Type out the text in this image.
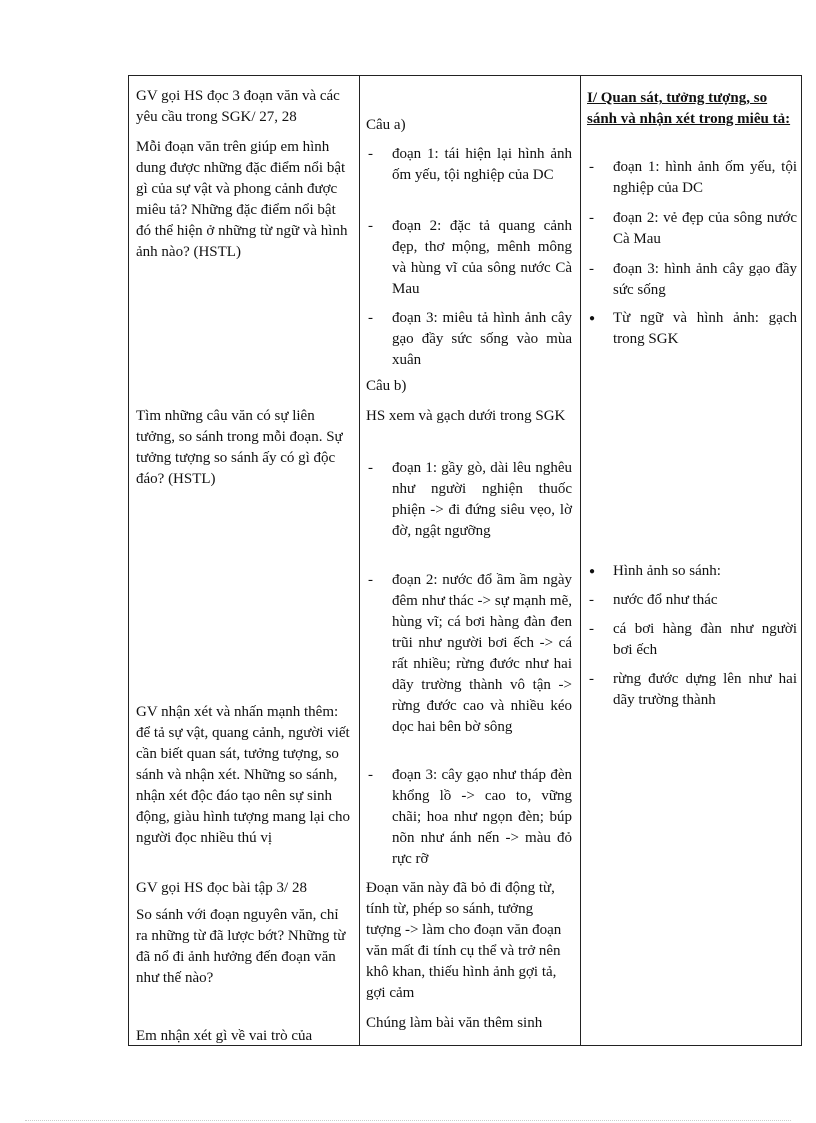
GV gọi HS đọc 3 đoạn văn và các yêu cầu trong SGK/ 27, 28

Mỗi đoạn văn trên giúp em hình dung được những đặc điểm nổi bật gì của sự vật và phong cảnh được miêu tả? Những đặc điểm nổi bật đó thể hiện ở những từ ngữ và hình ảnh nào? (HSTL)

Tìm những câu văn có sự liên tưởng, so sánh trong mỗi đoạn. Sự tưởng tượng so sánh ấy có gì độc đáo? (HSTL)

GV nhận xét và nhấn mạnh thêm: để tả sự vật, quang cảnh, người viết cần biết quan sát, tưởng tượng, so sánh và nhận xét. Những so sánh, nhận xét độc đáo tạo nên sự sinh động, giàu hình tượng mang lại cho người đọc nhiều thú vị

GV gọi HS đọc bài tập 3/ 28

So sánh với đoạn nguyên văn, chỉ ra những từ đã lược bớt? Những từ đã nổ đi ảnh hưởng đến đoạn văn như thế nào?

Em nhận xét gì về vai trò của

Câu a)

- đoạn 1: tái hiện lại hình ảnh ốm yếu, tội nghiệp của DC
- đoạn 2: đặc tả quang cảnh đẹp, thơ mộng, mênh mông và hùng vĩ của sông nước Cà Mau
- đoạn 3: miêu tả hình ảnh cây gạo đầy sức sống vào mùa xuân

Câu b)

HS xem và gạch dưới trong SGK

- đoạn 1: gầy gò, dài lêu nghêu như người nghiện thuốc phiện -> đi đứng siêu vẹo, lờ đờ, ngật ngưỡng
- đoạn 2: nước đổ ầm ầm ngày đêm như thác -> sự mạnh mẽ, hùng vĩ; cá bơi hàng đàn đen trũi như người bơi ếch -> cá rất nhiều; rừng đước như hai dãy trường thành vô tận -> rừng đước cao và nhiều kéo dọc hai bên bờ sông
- đoạn 3: cây gạo như tháp đèn khổng lồ -> cao to, vững chãi; hoa như ngọn đèn; búp nõn như ánh nến -> màu đỏ rực rỡ

Đoạn văn này đã bỏ đi động từ, tính từ, phép so sánh, tưởng tượng -> làm cho đoạn văn đoạn văn mất đi tính cụ thể và trở nên khô khan, thiếu hình ảnh gợi tả, gợi cảm

Chúng làm bài văn thêm sinh

I/ Quan sát, tưởng tượng, so sánh và nhận xét trong miêu tả:

- đoạn 1: hình ảnh ốm yếu, tội nghiệp của DC
- đoạn 2: vẻ đẹp của sông nước Cà Mau
- đoạn 3: hình ảnh cây gạo đầy sức sống
● Từ ngữ và hình ảnh: gạch trong SGK
● Hình ảnh so sánh:
- nước đổ như thác
- cá bơi hàng đàn như người bơi ếch
- rừng đước dựng lên như hai dãy trường thành
